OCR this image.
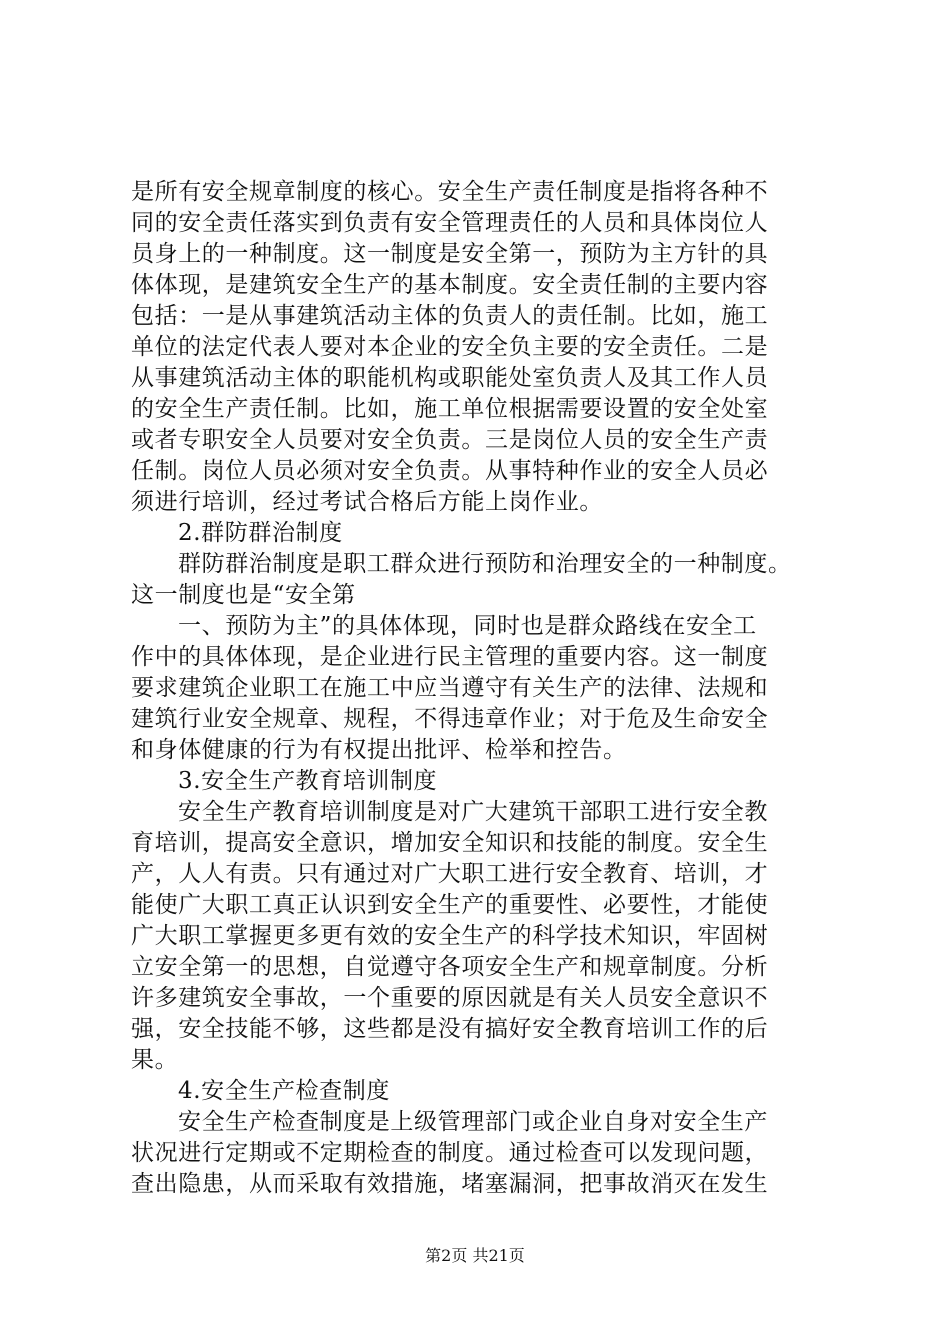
是所有安全规章制度的核心。安全生产责任制度是指将各种不
同的安全责任落实到负责有安全管理责任的人员和具体岗位人
员身上的一种制度。这一制度是安全第一，预防为主方针的具
体体现，是建筑安全生产的基本制度。安全责任制的主要内容
包括：一是从事建筑活动主体的负责人的责任制。比如，施工
单位的法定代表人要对本企业的安全负主要的安全责任。二是
从事建筑活动主体的职能机构或职能处室负责人及其工作人员
的安全生产责任制。比如，施工单位根据需要设置的安全处室
或者专职安全人员要对安全负责。三是岗位人员的安全生产责
任制。岗位人员必须对安全负责。从事特种作业的安全人员必
须进行培训，经过考试合格后方能上岗作业。
2.群防群治制度
群防群治制度是职工群众进行预防和治理安全的一种制度。
这一制度也是“安全第
一、预防为主”的具体体现，同时也是群众路线在安全工
作中的具体体现，是企业进行民主管理的重要内容。这一制度
要求建筑企业职工在施工中应当遵守有关生产的法律、法规和
建筑行业安全规章、规程，不得违章作业；对于危及生命安全
和身体健康的行为有权提出批评、检举和控告。
3.安全生产教育培训制度
安全生产教育培训制度是对广大建筑干部职工进行安全教
育培训，提高安全意识，增加安全知识和技能的制度。安全生
产，人人有责。只有通过对广大职工进行安全教育、培训，才
能使广大职工真正认识到安全生产的重要性、必要性，才能使
广大职工掌握更多更有效的安全生产的科学技术知识，牢固树
立安全第一的思想，自觉遵守各项安全生产和规章制度。分析
许多建筑安全事故，一个重要的原因就是有关人员安全意识不
强，安全技能不够，这些都是没有搞好安全教育培训工作的后
果。
4.安全生产检查制度
安全生产检查制度是上级管理部门或企业自身对安全生产
状况进行定期或不定期检查的制度。通过检查可以发现问题，
查出隐患，从而采取有效措施，堵塞漏洞，把事故消灭在发生
第2页 共21页
